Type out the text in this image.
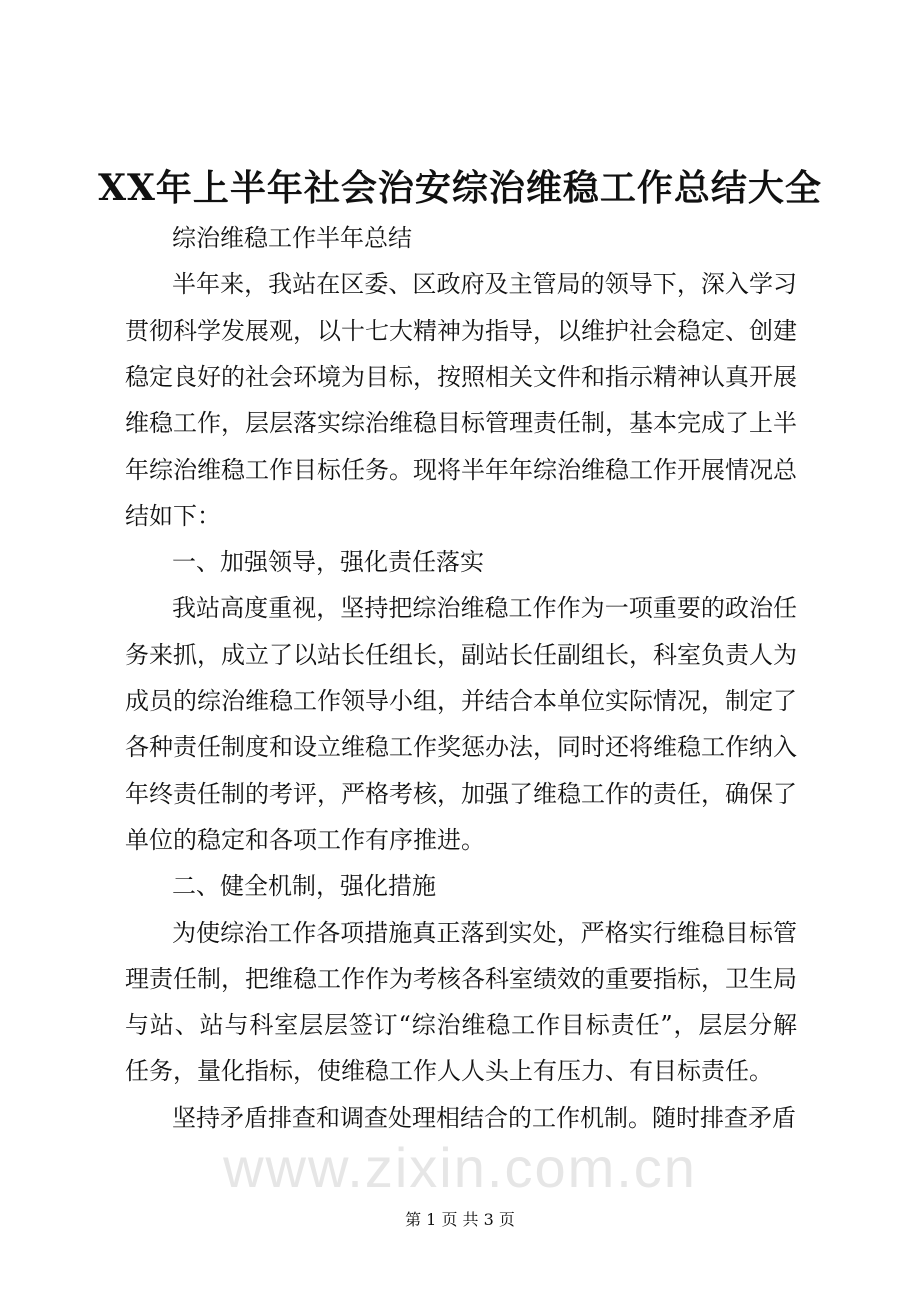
XX年上半年社会治安综治维稳工作总结大全
综治维稳工作半年总结
半年来，我站在区委、区政府及主管局的领导下，深入学习
贯彻科学发展观，以十七大精神为指导，以维护社会稳定、创建
稳定良好的社会环境为目标，按照相关文件和指示精神认真开展
维稳工作，层层落实综治维稳目标管理责任制，基本完成了上半
年综治维稳工作目标任务。现将半年年综治维稳工作开展情况总
结如下：
一、加强领导，强化责任落实
我站高度重视，坚持把综治维稳工作作为一项重要的政治任
务来抓，成立了以站长任组长，副站长任副组长，科室负责人为
成员的综治维稳工作领导小组，并结合本单位实际情况，制定了
各种责任制度和设立维稳工作奖惩办法，同时还将维稳工作纳入
年终责任制的考评，严格考核，加强了维稳工作的责任，确保了
单位的稳定和各项工作有序推进。
二、健全机制，强化措施
为使综治工作各项措施真正落到实处，严格实行维稳目标管
理责任制，把维稳工作作为考核各科室绩效的重要指标，卫生局
与站、站与科室层层签订“综治维稳工作目标责任”，层层分解
任务，量化指标，使维稳工作人人头上有压力、有目标责任。
坚持矛盾排查和调查处理相结合的工作机制。随时排查矛盾
www.zixin.com.cn
第 1 页 共 3 页
